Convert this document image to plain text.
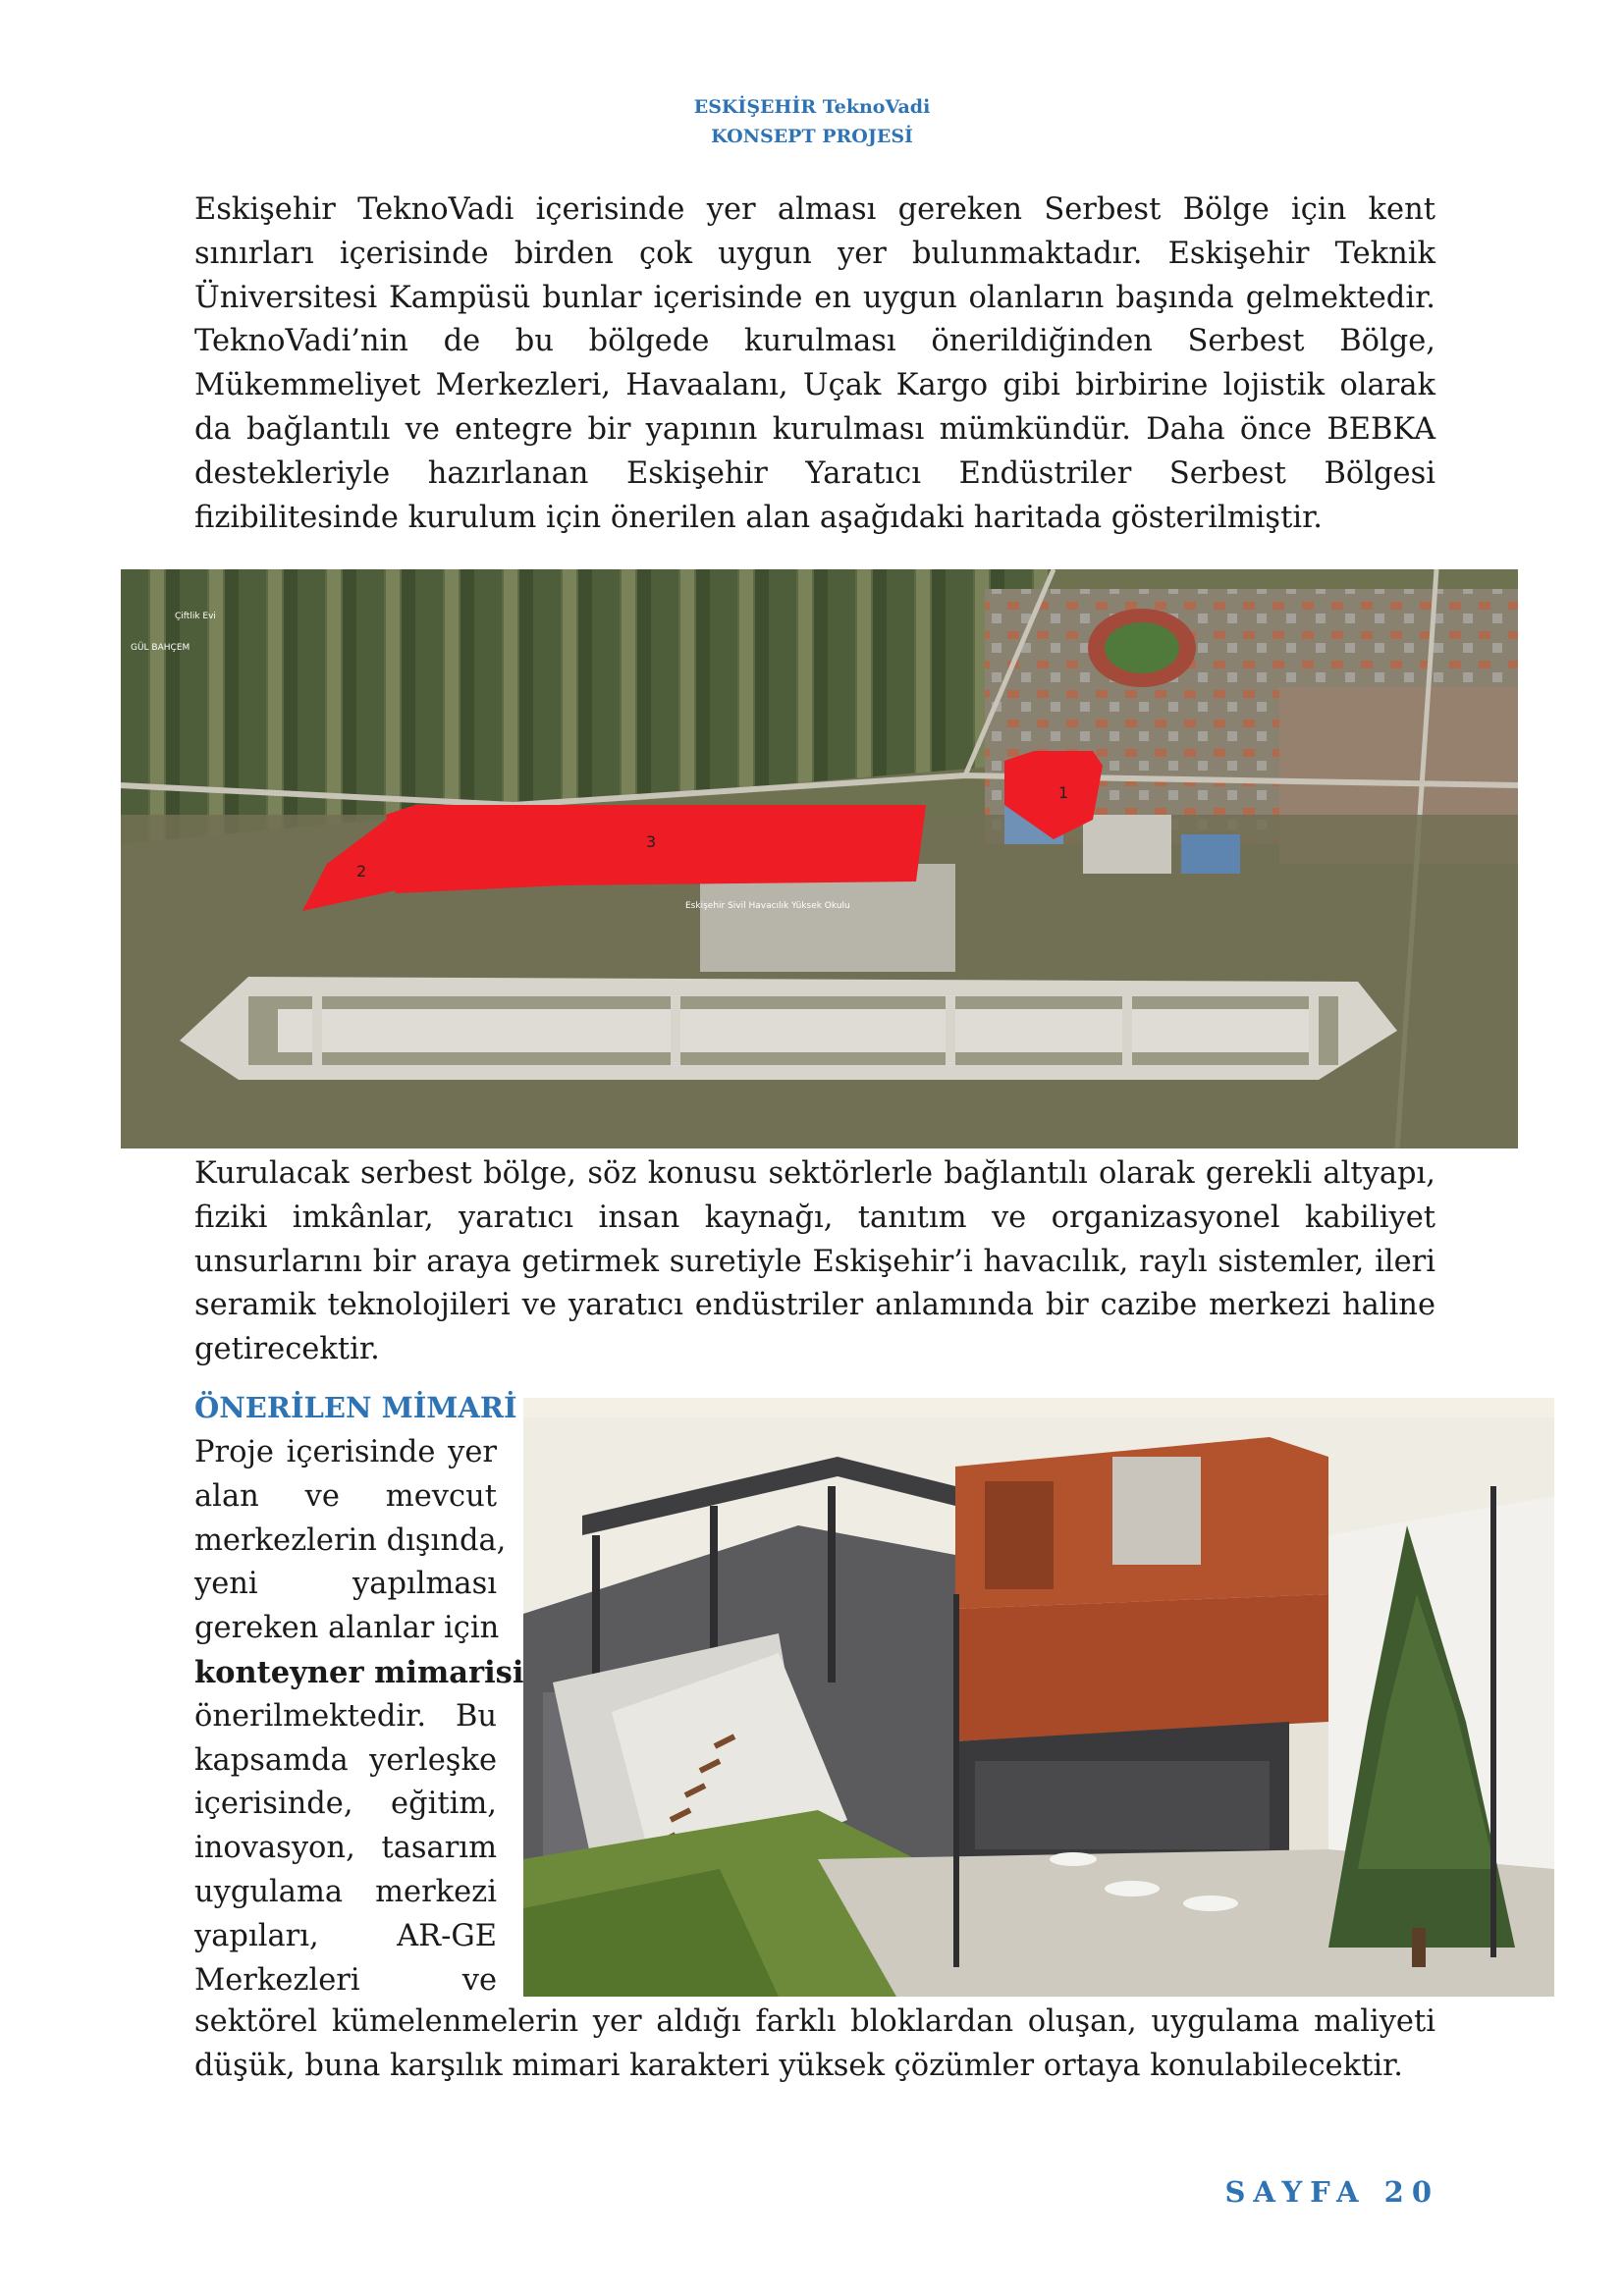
ESKİŞEHİR TeknoVadi
KONSEPT PROJESİ

Eskişehir TeknoVadi içerisinde yer alması gereken Serbest Bölge için kent sınırları içerisinde birden çok uygun yer bulunmaktadır. Eskişehir Teknik Üniversitesi Kampüsü bunlar içerisinde en uygun olanların başında gelmektedir. TeknoVadi’nin de bu bölgede kurulması önerildiğinden Serbest Bölge, Mükemmeliyet Merkezleri, Havaalanı, Uçak Kargo gibi birbirine lojistik olarak da bağlantılı ve entegre bir yapının kurulması mümkündür. Daha önce BEBKA destekleriyle hazırlanan Eskişehir Yaratıcı Endüstriler Serbest Bölgesi fizibilitesinde kurulum için önerilen alan aşağıdaki haritada gösterilmiştir.

1
2
3
Eskişehir Sivil Havacılık Yüksek Okulu
GÜL BAHÇEM
Çiftlik Evi

Kurulacak serbest bölge, söz konusu sektörlerle bağlantılı olarak gerekli altyapı, fiziki imkânlar, yaratıcı insan kaynağı, tanıtım ve organizasyonel kabiliyet unsurlarını bir araya getirmek suretiyle Eskişehir’i havacılık, raylı sistemler, ileri seramik teknolojileri ve yaratıcı endüstriler anlamında bir cazibe merkezi haline getirecektir.

ÖNERİLEN MİMARİ
Proje içerisinde yer
alan ve mevcut
merkezlerin dışında,
yeni yapılması
gereken alanlar için
konteyner mimarisi
önerilmektedir. Bu
kapsamda yerleşke
içerisinde, eğitim,
inovasyon, tasarım
uygulama merkezi
yapıları, AR-GE
Merkezleri ve

sektörel kümelenmelerin yer aldığı farklı bloklardan oluşan, uygulama maliyeti düşük, buna karşılık mimari karakteri yüksek çözümler ortaya konulabilecektir.

SAYFA 20
